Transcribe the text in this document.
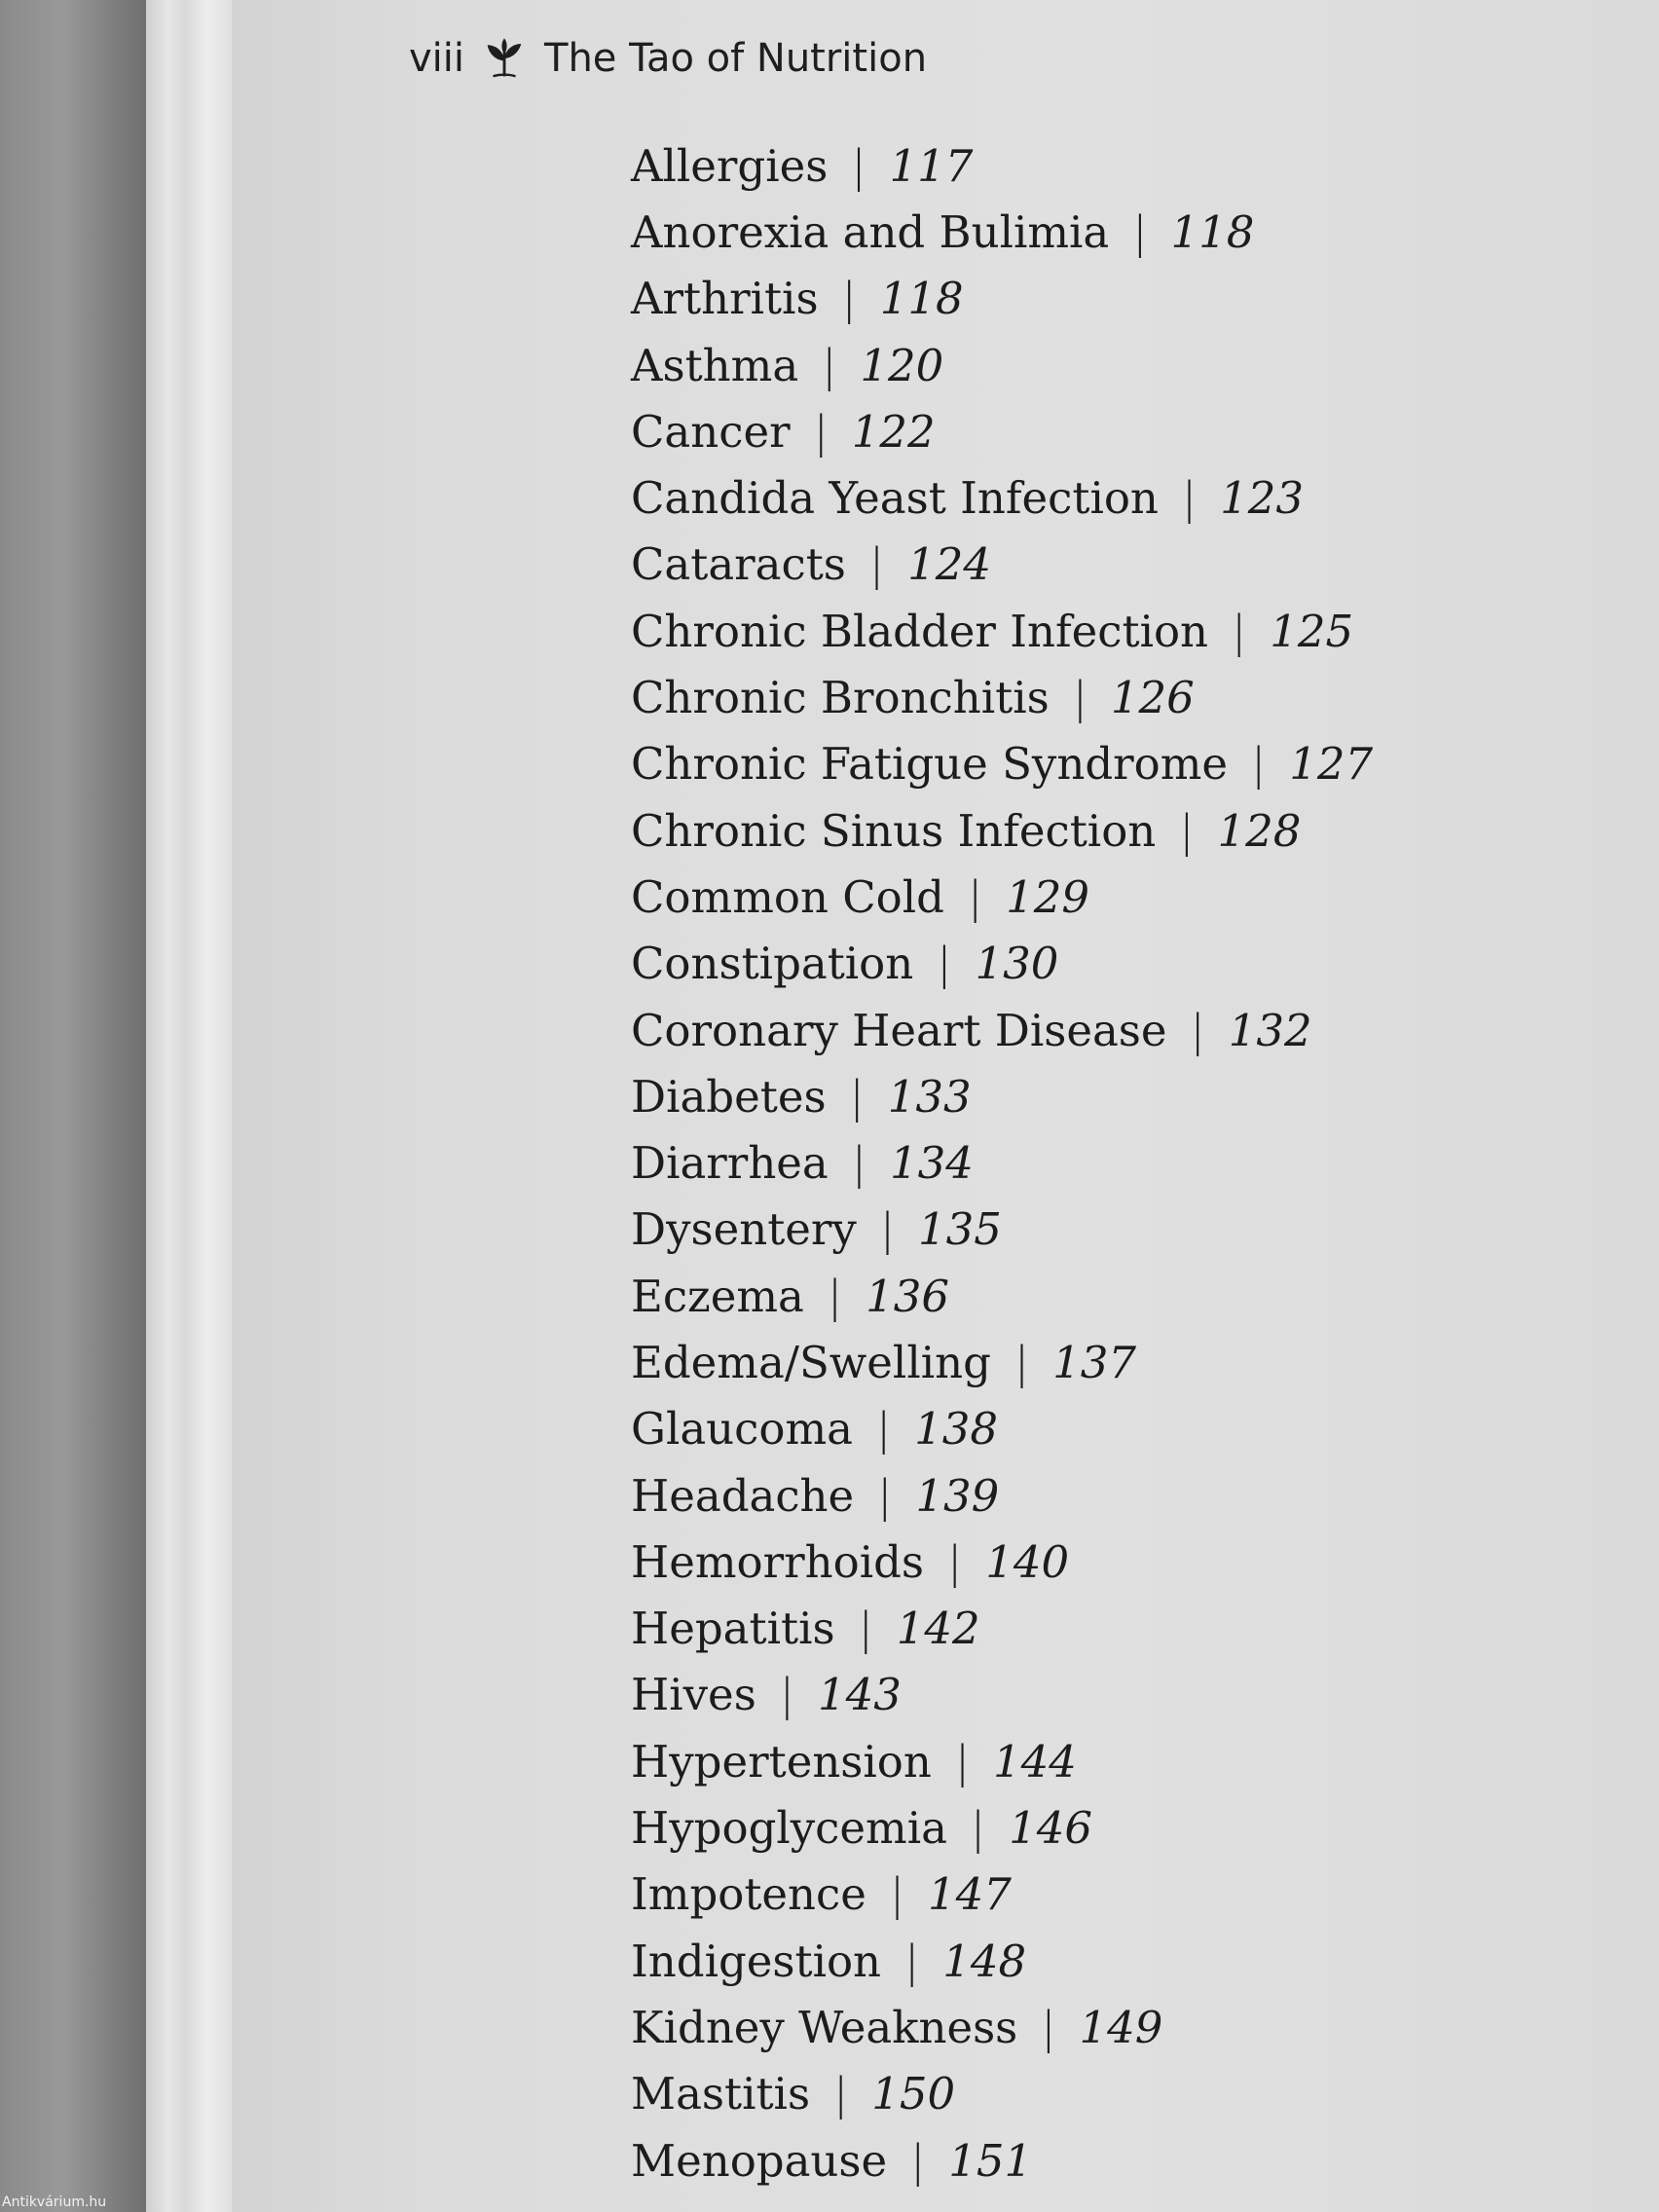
viii The Tao of Nutrition
Allergies | 117
Anorexia and Bulimia | 118
Arthritis | 118
Asthma | 120
Cancer | 122
Candida Yeast Infection | 123
Cataracts | 124
Chronic Bladder Infection | 125
Chronic Bronchitis | 126
Chronic Fatigue Syndrome | 127
Chronic Sinus Infection | 128
Common Cold | 129
Constipation | 130
Coronary Heart Disease | 132
Diabetes | 133
Diarrhea | 134
Dysentery | 135
Eczema | 136
Edema/Swelling | 137
Glaucoma | 138
Headache | 139
Hemorrhoids | 140
Hepatitis | 142
Hives | 143
Hypertension | 144
Hypoglycemia | 146
Impotence | 147
Indigestion | 148
Kidney Weakness | 149
Mastitis | 150
Menopause | 151
Antikvárium.hu
